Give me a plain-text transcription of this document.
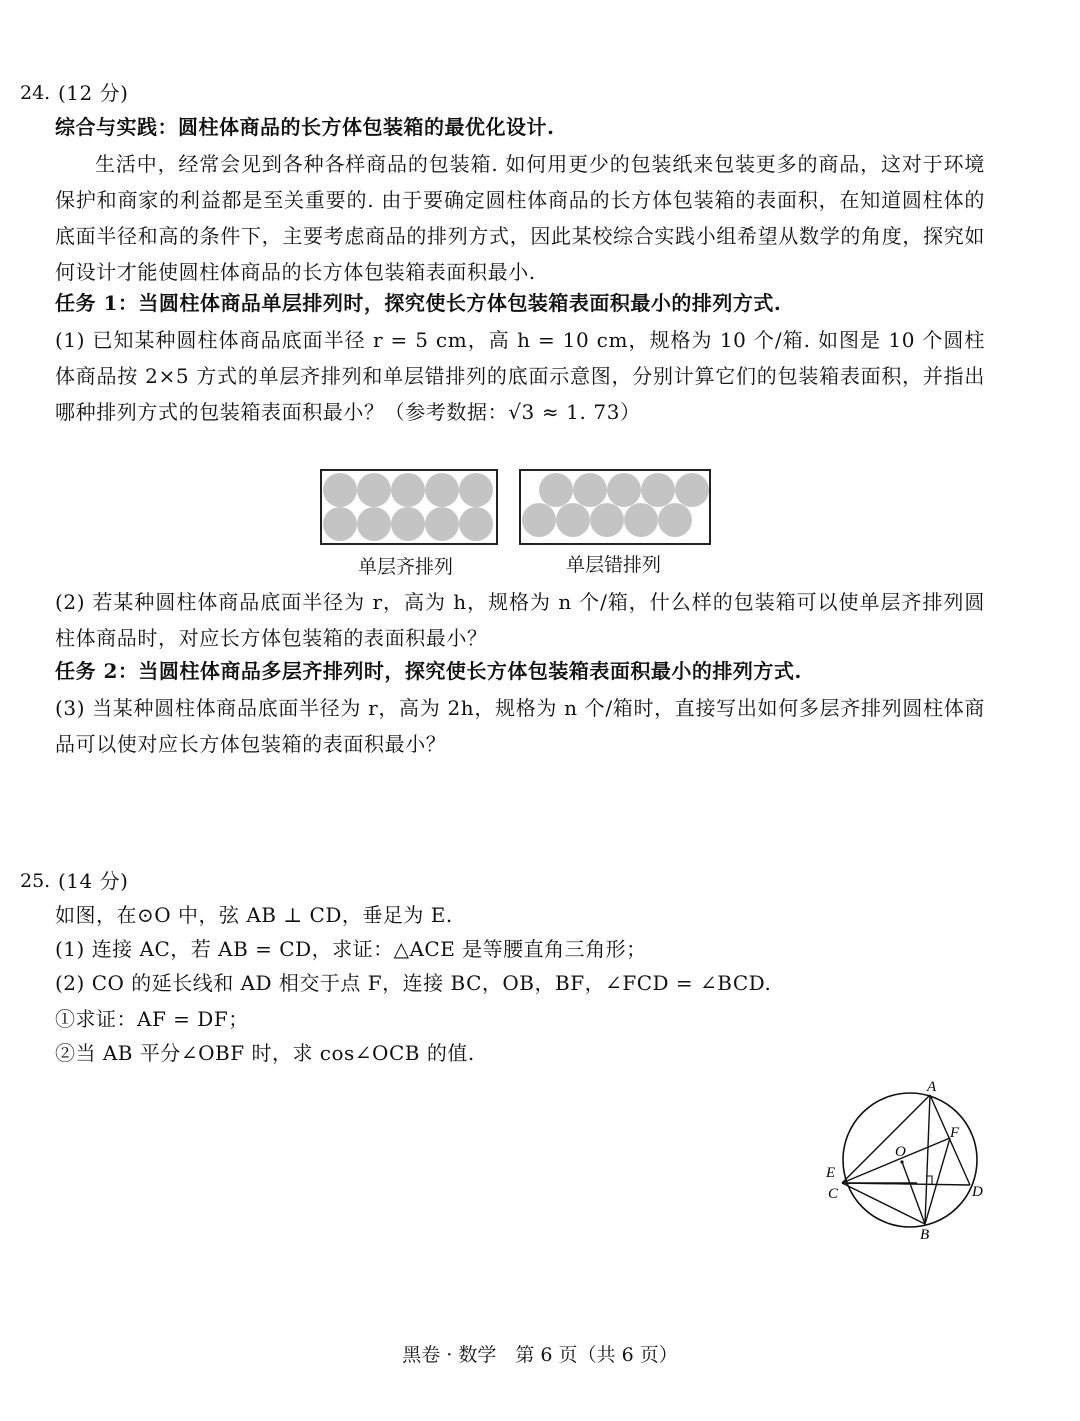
24. (12 分)
综合与实践：圆柱体商品的长方体包装箱的最优化设计.

生活中，经常会见到各种各样商品的包装箱. 如何用更少的包装纸来包装更多的商品，这对于环境保护和商家的利益都是至关重要的. 由于要确定圆柱体商品的长方体包装箱的表面积，在知道圆柱体的底面半径和高的条件下，主要考虑商品的排列方式，因此某校综合实践小组希望从数学的角度，探究如何设计才能使圆柱体商品的长方体包装箱表面积最小.

任务 1：当圆柱体商品单层排列时，探究使长方体包装箱表面积最小的排列方式.

(1) 已知某种圆柱体商品底面半径 r = 5 cm，高 h = 10 cm，规格为 10 个/箱. 如图是 10 个圆柱体商品按 2×5 方式的单层齐排列和单层错排列的底面示意图，分别计算它们的包装箱表面积，并指出哪种排列方式的包装箱表面积最小？（参考数据：√3 ≈ 1. 73）

单层齐排列	单层错排列

(2) 若某种圆柱体商品底面半径为 r，高为 h，规格为 n 个/箱，什么样的包装箱可以使单层齐排列圆柱体商品时，对应长方体包装箱的表面积最小？

任务 2：当圆柱体商品多层齐排列时，探究使长方体包装箱表面积最小的排列方式.

(3) 当某种圆柱体商品底面半径为 r，高为 2h，规格为 n 个/箱时，直接写出如何多层齐排列圆柱体商品可以使对应长方体包装箱的表面积最小？

25. (14 分)
如图，在⊙O 中，弦 AB ⊥ CD，垂足为 E.
(1) 连接 AC，若 AB = CD，求证：△ACE 是等腰直角三角形；
(2) CO 的延长线和 AD 相交于点 F，连接 BC，OB，BF，∠FCD = ∠BCD.
①求证：AF = DF；
②当 AB 平分∠OBF 时，求 cos∠OCB 的值.
A
B
C	D
E
F
O
黑卷 · 数学　第 6 页（共 6 页）
